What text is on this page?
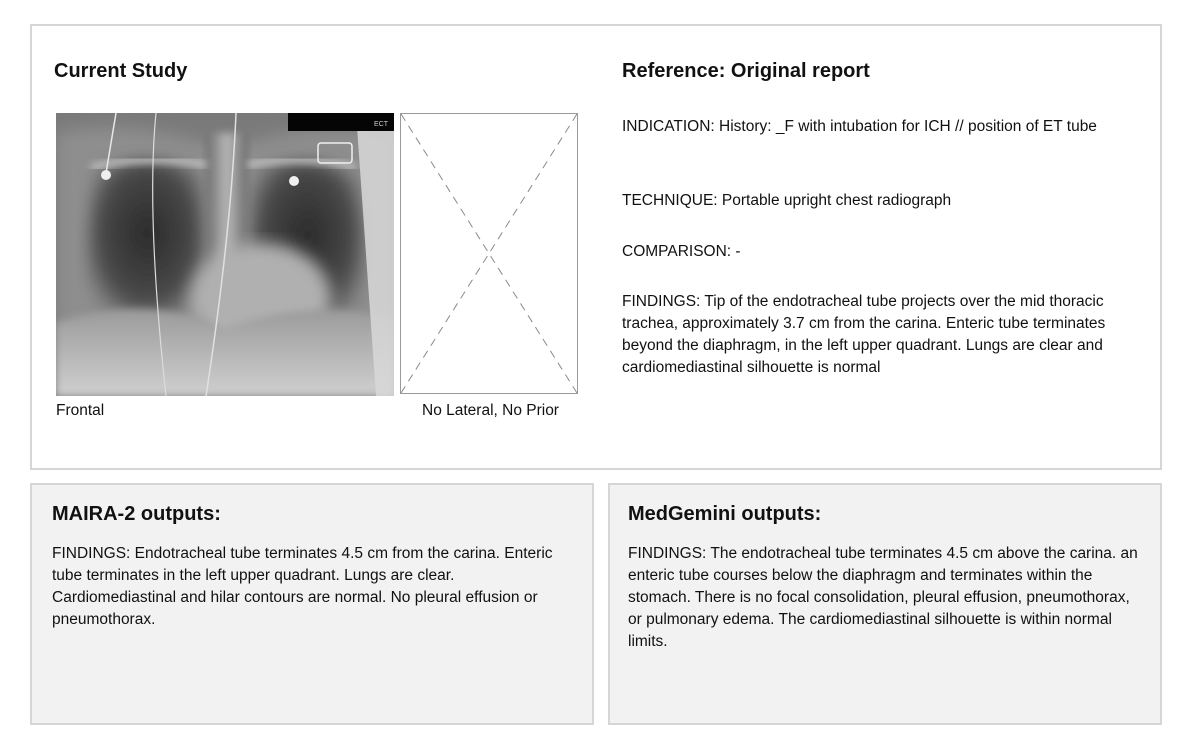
Current Study
ECT
Frontal	No Lateral, No Prior
Reference: Original report
INDICATION: History: _F with intubation for ICH // position of ET tube
TECHNIQUE: Portable upright chest radiograph
COMPARISON: -
FINDINGS: Tip of the endotracheal tube projects over the mid thoracic trachea, approximately 3.7 cm from the carina. Enteric tube terminates beyond the diaphragm, in the left upper quadrant. Lungs are clear and cardiomediastinal silhouette is normal
MAIRA-2 outputs:
FINDINGS: Endotracheal tube terminates 4.5 cm from the carina. Enteric tube terminates in the left upper quadrant. Lungs are clear. Cardiomediastinal and hilar contours are normal. No pleural effusion or pneumothorax.
MedGemini outputs:
FINDINGS: The endotracheal tube terminates 4.5 cm above the carina. an enteric tube courses below the diaphragm and terminates within the stomach. There is no focal consolidation, pleural effusion, pneumothorax, or pulmonary edema. The cardiomediastinal silhouette is within normal limits.
